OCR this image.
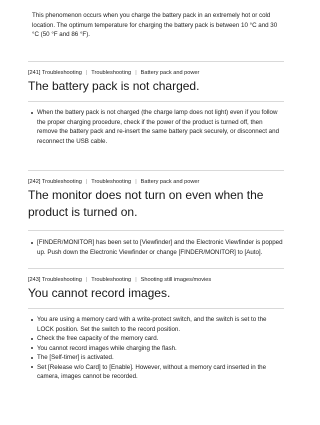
This phenomenon occurs when you charge the battery pack in an extremely hot or cold location. The optimum temperature for charging the battery pack is between 10 °C and 30 °C (50 °F and 86 °F).

[241] Troubleshooting | Troubleshooting | Battery pack and power

The battery pack is not charged.
When the battery pack is not charged (the charge lamp does not light) even if you follow the proper charging procedure, check if the power of the product is turned off, then remove the battery pack and re-insert the same battery pack securely, or disconnect and reconnect the USB cable.

[242] Troubleshooting | Troubleshooting | Battery pack and power

The monitor does not turn on even when the product is turned on.
[FINDER/MONITOR] has been set to [Viewfinder] and the Electronic Viewfinder is popped up. Push down the Electronic Viewfinder or change [FINDER/MONITOR] to [Auto].

[243] Troubleshooting | Troubleshooting | Shooting still images/movies

You cannot record images.
You are using a memory card with a write-protect switch, and the switch is set to the LOCK position. Set the switch to the record position.
Check the free capacity of the memory card.
You cannot record images while charging the flash.
The [Self-timer] is activated.
Set [Release w/o Card] to [Enable]. However, without a memory card inserted in the camera, images cannot be recorded.
